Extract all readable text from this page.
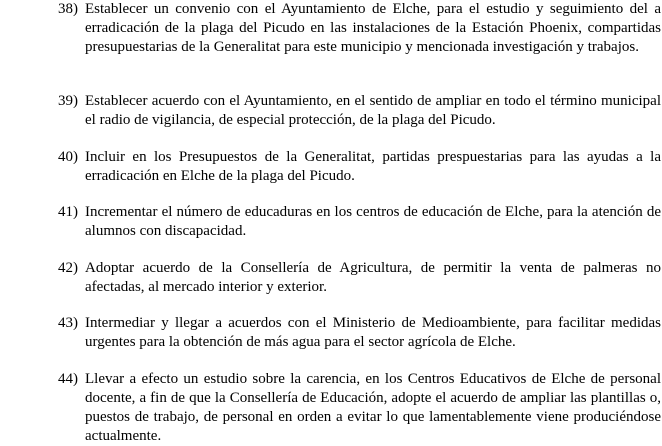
38) Establecer un convenio con el Ayuntamiento de Elche, para el estudio y seguimiento del a erradicación de la plaga del Picudo en las instalaciones de la Estación Phoenix, compartidas presupuestarias de la Generalitat para este municipio y mencionada investigación y trabajos.
39) Establecer acuerdo con el Ayuntamiento, en el sentido de ampliar en todo el término municipal el radio de vigilancia, de especial protección, de la plaga del Picudo.
40) Incluir en los Presupuestos de la Generalitat, partidas prespuestarias para las ayudas a la erradicación en Elche de la plaga del Picudo.
41) Incrementar el número de educaduras en los centros de educación de Elche, para la atención de alumnos con discapacidad.
42) Adoptar acuerdo de la Consellería de Agricultura, de permitir la venta de palmeras no afectadas, al mercado interior y exterior.
43) Intermediar y llegar a acuerdos con el Ministerio de Medioambiente, para facilitar medidas urgentes para la obtención de más agua para el sector agrícola de Elche.
44) Llevar a efecto un estudio sobre la carencia, en los Centros Educativos de Elche de personal docente, a fin de que la Consellería de Educación, adopte el acuerdo de ampliar las plantillas o, puestos de trabajo, de personal en orden a evitar lo que lamentablemente viene produciéndose actualmente.
